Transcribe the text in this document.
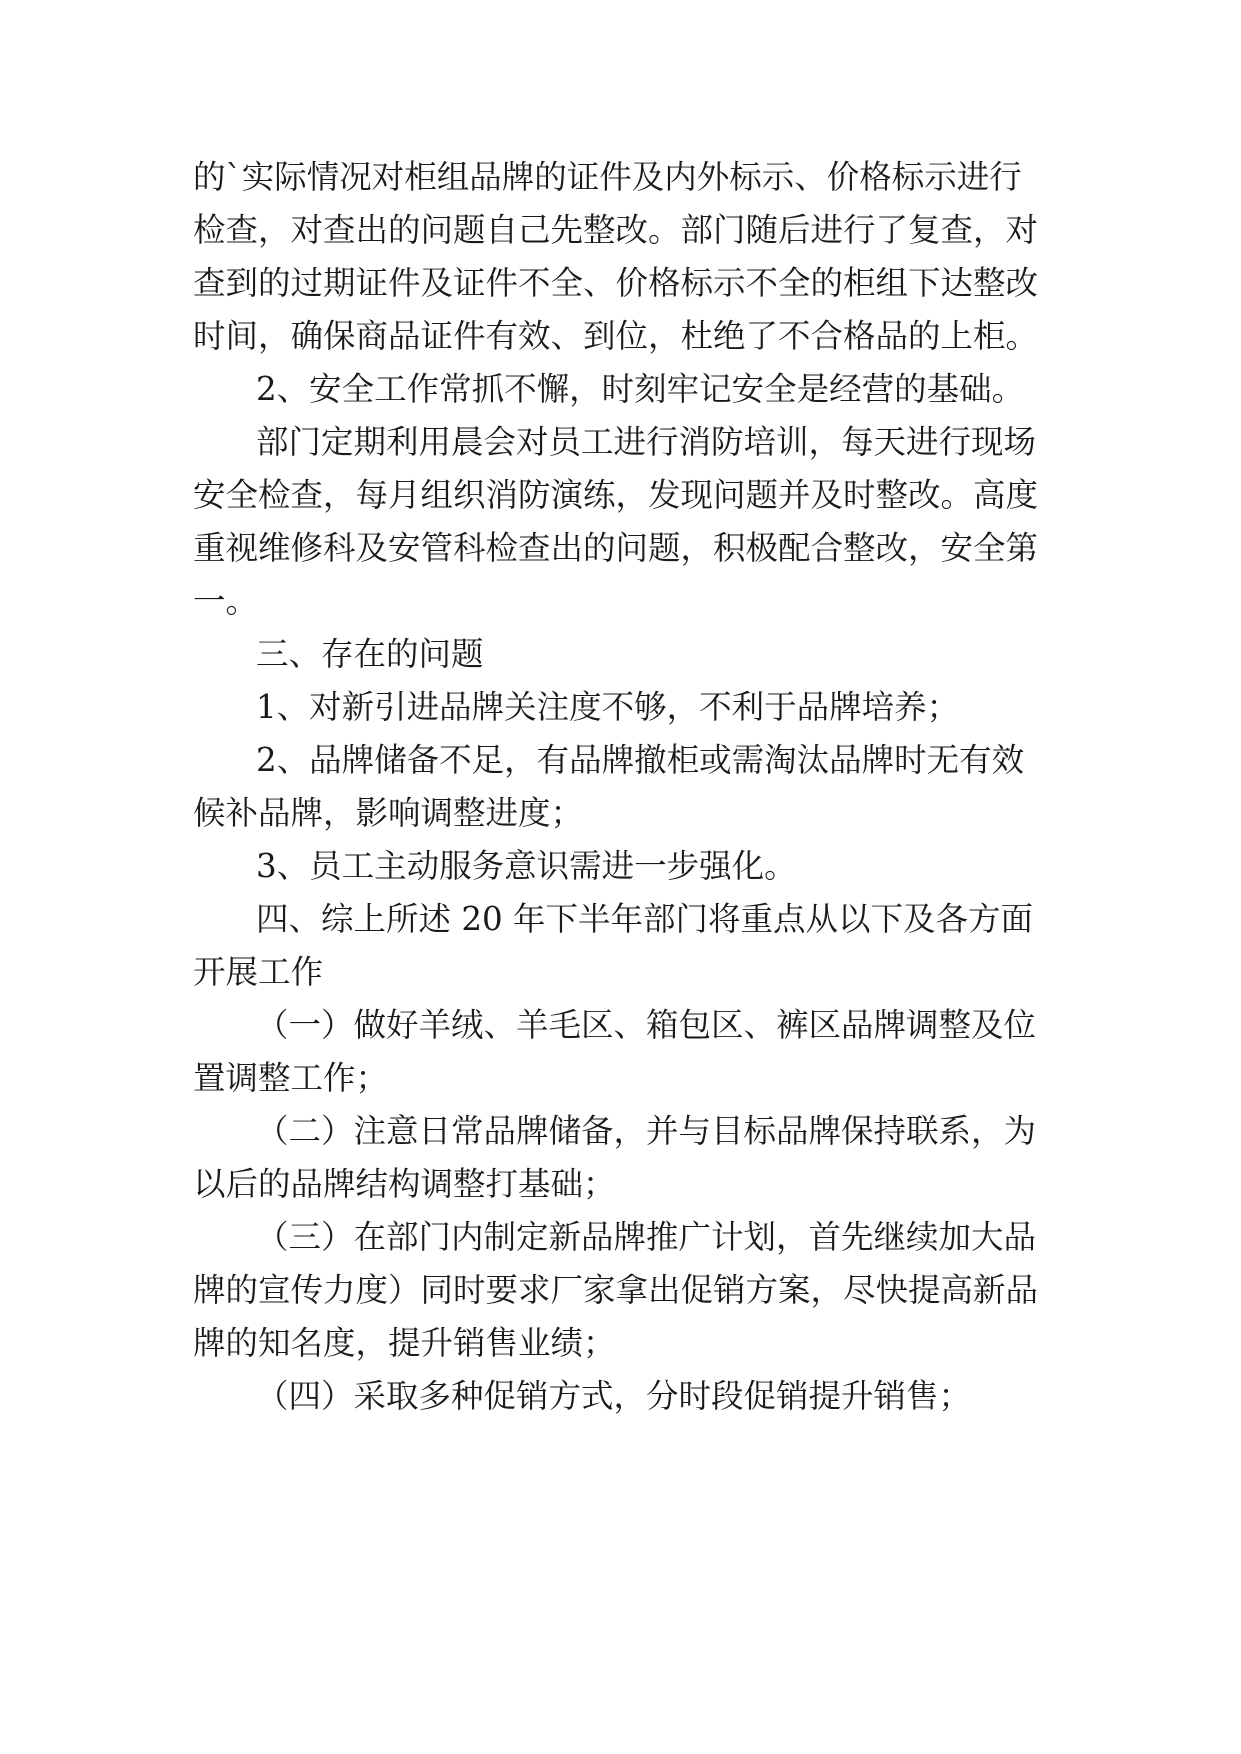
的`实际情况对柜组品牌的证件及内外标示、价格标示进行
检查，对查出的问题自己先整改。部门随后进行了复查，对
查到的过期证件及证件不全、价格标示不全的柜组下达整改
时间，确保商品证件有效、到位，杜绝了不合格品的上柜。
2、安全工作常抓不懈，时刻牢记安全是经营的基础。
部门定期利用晨会对员工进行消防培训，每天进行现场
安全检查，每月组织消防演练，发现问题并及时整改。高度
重视维修科及安管科检查出的问题，积极配合整改，安全第
一。
三、存在的问题
1、对新引进品牌关注度不够，不利于品牌培养；
2、品牌储备不足，有品牌撤柜或需淘汰品牌时无有效
候补品牌，影响调整进度；
3、员工主动服务意识需进一步强化。
四、综上所述 20 年下半年部门将重点从以下及各方面
开展工作
（一）做好羊绒、羊毛区、箱包区、裤区品牌调整及位
置调整工作；
（二）注意日常品牌储备，并与目标品牌保持联系，为
以后的品牌结构调整打基础；
（三）在部门内制定新品牌推广计划，首先继续加大品
牌的宣传力度）同时要求厂家拿出促销方案，尽快提高新品
牌的知名度，提升销售业绩；
（四）采取多种促销方式，分时段促销提升销售；
